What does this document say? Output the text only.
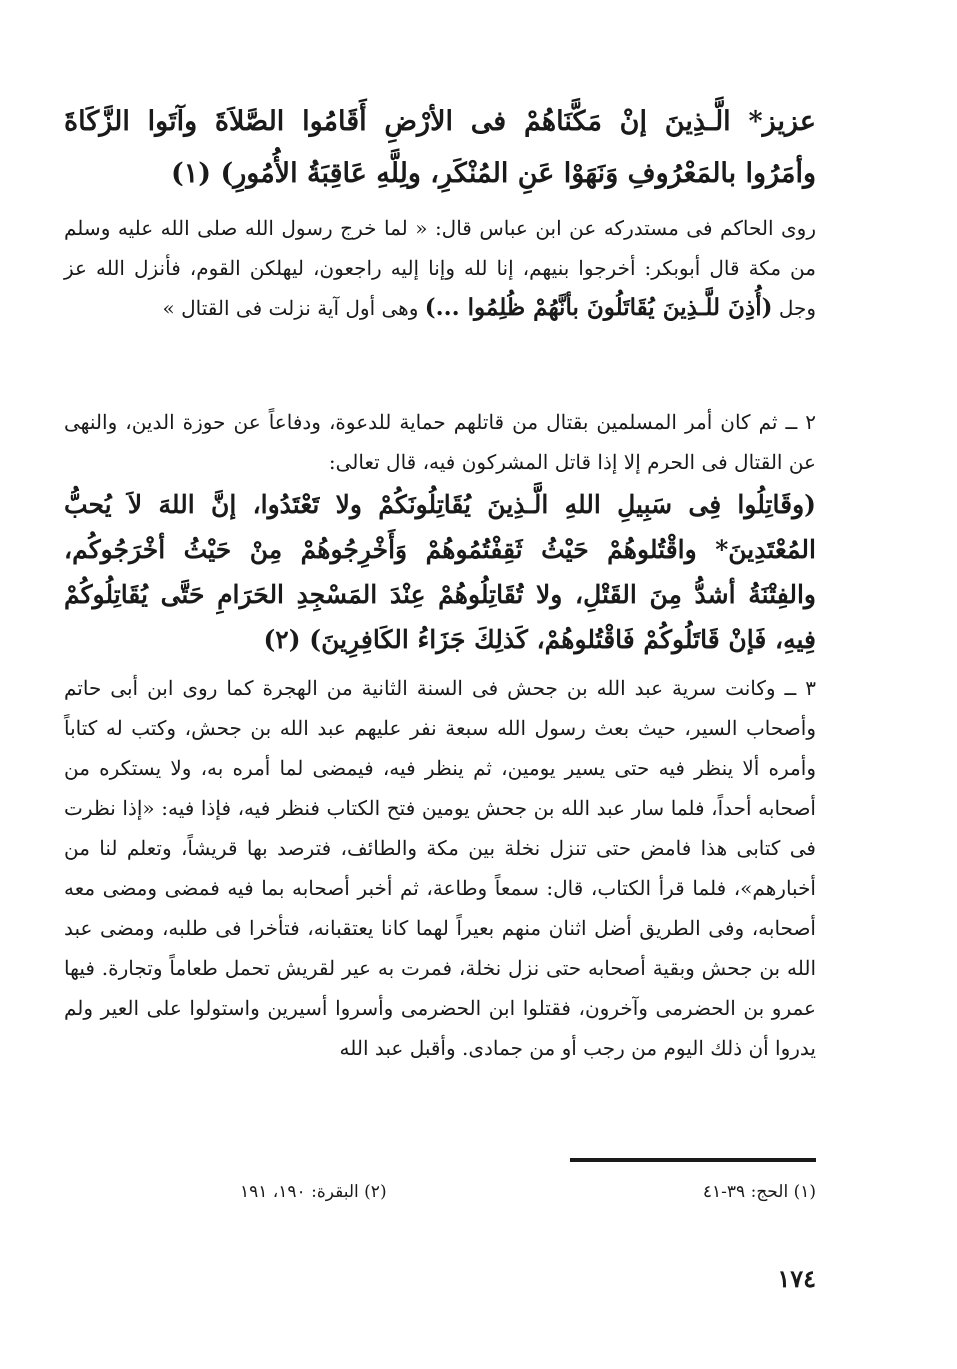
عزيز* الَّـذِينَ إنْ مَكَّنَاهُمْ فى الأرْضِ أَقَامُوا الصَّلاَةَ وآتَوا الزَّكَاةَ وأمَرُوا بالمَعْرُوفِ وَنَهَوْا عَنِ المُنْكَرِ، ولِلَّهِ عَاقِبَةُ الأُمُورِ) (١)
روى الحاكم فى مستدركه عن ابن عباس قال: « لما خرج رسول الله صلى الله عليه وسلم من مكة قال أبوبكر: أخرجوا بنيهم، إنا لله وإنا إليه راجعون، ليهلكن القوم، فأنزل الله عز وجل (أُذِنَ للَّـذِينَ يُقَاتَلُونَ بأنَّهُمْ ظُلِمُوا ...) وهى أول آية نزلت فى القتال »
٢ ــ ثم كان أمر المسلمين بقتال من قاتلهم حماية للدعوة، ودفاعاً عن حوزة الدين، والنهى عن القتال فى الحرم إلا إذا قاتل المشركون فيه، قال تعالى:
(وقَاتِلُوا فِى سَبِيلِ اللهِ الَّـذِينَ يُقَاتِلُونَكُمْ ولا تَعْتَدُوا، إنَّ اللهَ لاَ يُحبُّ المُعْتَدِينَ* واقْتُلوهُمْ حَيْثُ ثَقِفْتُمُوهُمْ وَأَخْرِجُوهُمْ مِنْ حَيْثُ أخْرَجُوكُم، والفِتْنَةُ أشدُّ مِنَ القَتْلِ، ولا تُقَاتِلُوهُمْ عِنْدَ المَسْجِدِ الحَرَامِ حَتَّى يُقَاتِلُوكُمْ فِيهِ، فَإنْ قَاتَلُوكُمْ فَاقْتُلوهُمْ، كَذلِكَ جَزَاءُ الكَافِرِينَ) (٢)
٣ ــ وكانت سرية عبد الله بن جحش فى السنة الثانية من الهجرة كما روى ابن أبى حاتم وأصحاب السير، حيث بعث رسول الله سبعة نفر عليهم عبد الله بن جحش، وكتب له كتاباً وأمره ألا ينظر فيه حتى يسير يومين، ثم ينظر فيه، فيمضى لما أمره به، ولا يستكره من أصحابه أحداً، فلما سار عبد الله بن جحش يومين فتح الكتاب فنظر فيه، فإذا فيه: «إذا نظرت فى كتابى هذا فامض حتى تنزل نخلة بين مكة والطائف، فترصد بها قريشاً، وتعلم لنا من أخبارهم»، فلما قرأ الكتاب، قال: سمعاً وطاعة، ثم أخبر أصحابه بما فيه فمضى ومضى معه أصحابه، وفى الطريق أضل اثنان منهم بعيراً لهما كانا يعتقبانه، فتأخرا فى طلبه، ومضى عبد الله بن جحش وبقية أصحابه حتى نزل نخلة، فمرت به عير لقريش تحمل طعاماً وتجارة. فيها عمرو بن الحضرمى وآخرون، فقتلوا ابن الحضرمى وأسروا أسيرين واستولوا على العير ولم يدروا أن ذلك اليوم من رجب أو من جمادى. وأقبل عبد الله
(١) الحج: ٣٩-٤١
(٢) البقرة: ١٩٠، ١٩١
١٧٤
